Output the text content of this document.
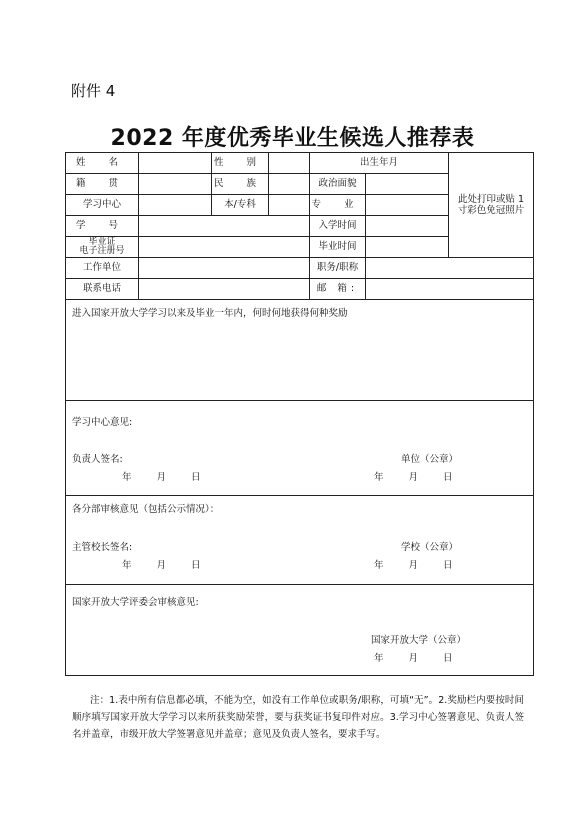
附件 4
2022 年度优秀毕业生候选人推荐表
姓 名		性 别		出生年月		此处打印或贴 1
寸彩色免冠照片

籍 贯		民 族		政治面貌		
学习中心		本/专科		专 业		
学 号				入学时间		

毕业证
电子注册号				毕业时间		
工作单位				职务/职称		
联系电话				邮 箱:		

进入国家开放大学学习以来及毕业一年内，何时何地获得何种奖励						

学习中心意见:
负责人签名: 单位（公章）
年 月 日 年 月 日						

各分部审核意见（包括公示情况）：
主管校长签名: 学校（公章）
年 月 日 年 月 日						

国家开放大学评委会审核意见:
国家开放大学（公章）
年 月 日						
注：1.表中所有信息都必填，不能为空，如没有工作单位或职务/职称，可填“无”。2.奖励栏内要按时间顺序填写国家开放大学学习以来所获奖励荣誉，要与获奖证书复印件对应。3.学习中心签署意见、负责人签名并盖章，市级开放大学签署意见并盖章；意见及负责人签名，要求手写。
